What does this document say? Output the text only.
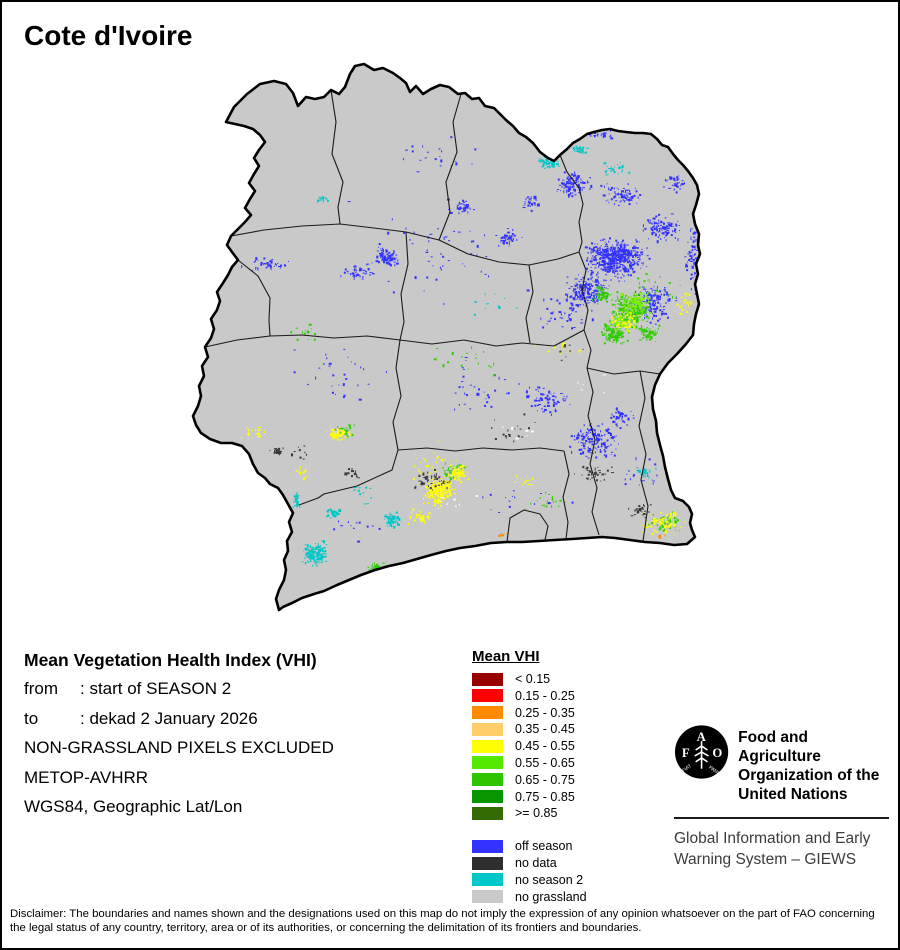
Cote d'Ivoire
Mean Vegetation Health Index (VHI)
from : start of SEASON 2
to : dekad 2 January 2026
NON-GRASSLAND PIXELS EXCLUDED
METOP-AVHRR
WGS84, Geographic Lat/Lon
Mean VHI
< 0.15
0.15 - 0.25
0.25 - 0.35
0.35 - 0.45
0.45 - 0.55
0.55 - 0.65
0.65 - 0.75
0.75 - 0.85
>= 0.85
off season
no data
no season 2
no grassland
F
A
O
FIAT	PANIS
Food and Agriculture
Organization of the
United Nations
Global Information and Early
Warning System – GIEWS
Disclaimer: The boundaries and names shown and the designations used on this map do not imply the expression of any opinion whatsoever on the part of FAO concerning the legal status of any country, territory, area or of its authorities, or concerning the delimitation of its frontiers and boundaries.
